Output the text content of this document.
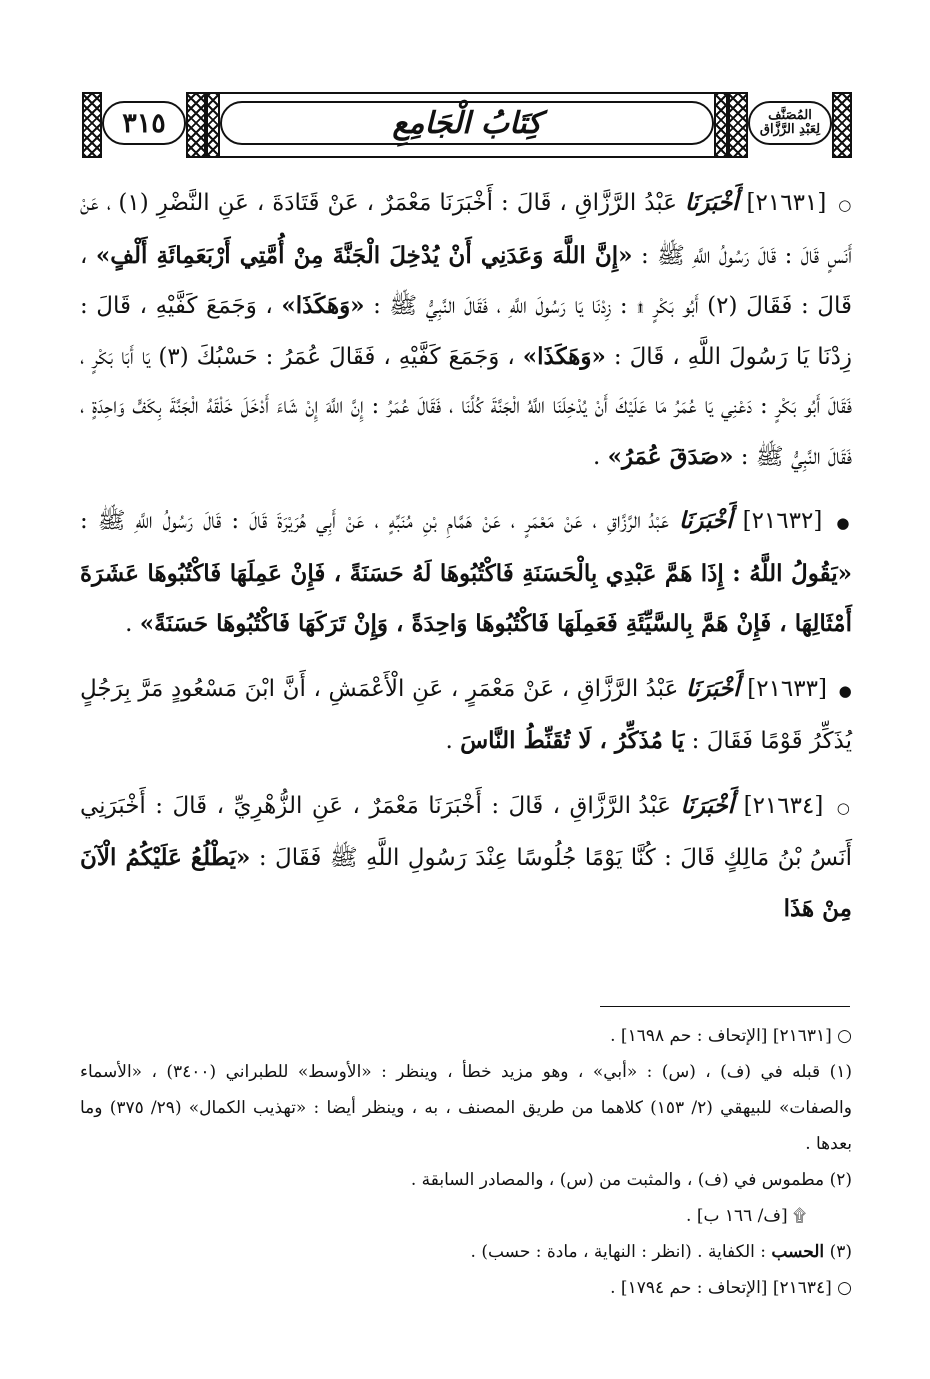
٣١٥	كِتَابُ الْجَامِعِ	المُصَنَّف
لِعَبْدِ الرَّزَّاق

○ [٢١٦٣١] أَخْبَرَنَا عَبْدُ الرَّزَّاقِ ، قَالَ : أَخْبَرَنَا مَعْمَرٌ ، عَنْ قَتَادَةَ ، عَنِ النَّضْرِ (١) ، عَنْ أَنَسٍ قَالَ : قَالَ رَسُولُ اللَّهِ ﷺ : «إِنَّ اللَّهَ وَعَدَنِي أَنْ يُدْخِلَ الْجَنَّةَ مِنْ أُمَّتِي أَرْبَعَمِائَةِ أَلْفٍ» ، قَالَ : فَقَالَ (٢) أَبُو بَكْرٍ ۩ : زِدْنَا يَا رَسُولَ اللَّهِ ، فَقَالَ النَّبِيُّ ﷺ : «وَهَكَذَا» ، وَجَمَعَ كَفَّيْهِ ، قَالَ : زِدْنَا يَا رَسُولَ اللَّهِ ، قَالَ : «وَهَكَذَا» ، وَجَمَعَ كَفَّيْهِ ، فَقَالَ عُمَرُ : حَسْبُكَ (٣) يَا أَبَا بَكْرٍ ، فَقَالَ أَبُو بَكْرٍ : دَعْنِي يَا عُمَرُ مَا عَلَيْكَ أَنْ يُدْخِلَنَا اللَّهُ الْجَنَّةَ كُلَّنَا ، فَقَالَ عُمَرُ : إِنَّ اللَّهَ إِنْ شَاءَ أَدْخَلَ خَلْقَهُ الْجَنَّةَ بِكَفٍّ وَاحِدَةٍ ، فَقَالَ النَّبِيُّ ﷺ : «صَدَقَ عُمَرُ» .

● [٢١٦٣٢] أَخْبَرَنَا عَبْدُ الرَّزَّاقِ ، عَنْ مَعْمَرٍ ، عَنْ هَمَّامِ بْنِ مُنَبِّهٍ ، عَنْ أَبِي هُرَيْرَةَ قَالَ : قَالَ رَسُولُ اللَّهِ ﷺ : «يَقُولُ اللَّهُ : إِذَا هَمَّ عَبْدِي بِالْحَسَنَةِ فَاكْتُبُوهَا لَهُ حَسَنَةً ، فَإِنْ عَمِلَهَا فَاكْتُبُوهَا عَشَرَةَ أَمْثَالِهَا ، فَإِنْ هَمَّ بِالسَّيِّئَةِ فَعَمِلَهَا فَاكْتُبُوهَا وَاحِدَةً ، وَإِنْ تَرَكَهَا فَاكْتُبُوهَا حَسَنَةً» .

● [٢١٦٣٣] أَخْبَرَنَا عَبْدُ الرَّزَّاقِ ، عَنْ مَعْمَرٍ ، عَنِ الْأَعْمَشِ ، أَنَّ ابْنَ مَسْعُودٍ مَرَّ بِرَجُلٍ يُذَكِّرُ قَوْمًا فَقَالَ : يَا مُذَكِّرُ ، لَا تُقَنِّطُ النَّاسَ .

○ [٢١٦٣٤] أَخْبَرَنَا عَبْدُ الرَّزَّاقِ ، قَالَ : أَخْبَرَنَا مَعْمَرٌ ، عَنِ الزُّهْرِيِّ ، قَالَ : أَخْبَرَنِي أَنَسُ بْنُ مَالِكٍ قَالَ : كُنَّا يَوْمًا جُلُوسًا عِنْدَ رَسُولِ اللَّهِ ﷺ فَقَالَ : «يَطْلُعُ عَلَيْكُمُ الْآنَ مِنْ هَذَا

○ [٢١٦٣١] [الإتحاف : حم ١٦٩٨] .

(١) قبله في (ف) ، (س) : «أبي» ، وهو مزيد خطأ ، وينظر : «الأوسط» للطبراني (٣٤٠٠) ، «الأسماء والصفات» للبيهقي (٢/ ١٥٣) كلاهما من طريق المصنف ، به ، وينظر أيضا : «تهذيب الكمال» (٢٩/ ٣٧٥) وما بعدها .

(٢) مطموس في (ف) ، والمثبت من (س) ، والمصادر السابقة .

۩ [ف/ ١٦٦ ب] .

(٣) الحسب : الكفاية . (انظر : النهاية ، مادة : حسب) .

○ [٢١٦٣٤] [الإتحاف : حم ١٧٩٤] .
